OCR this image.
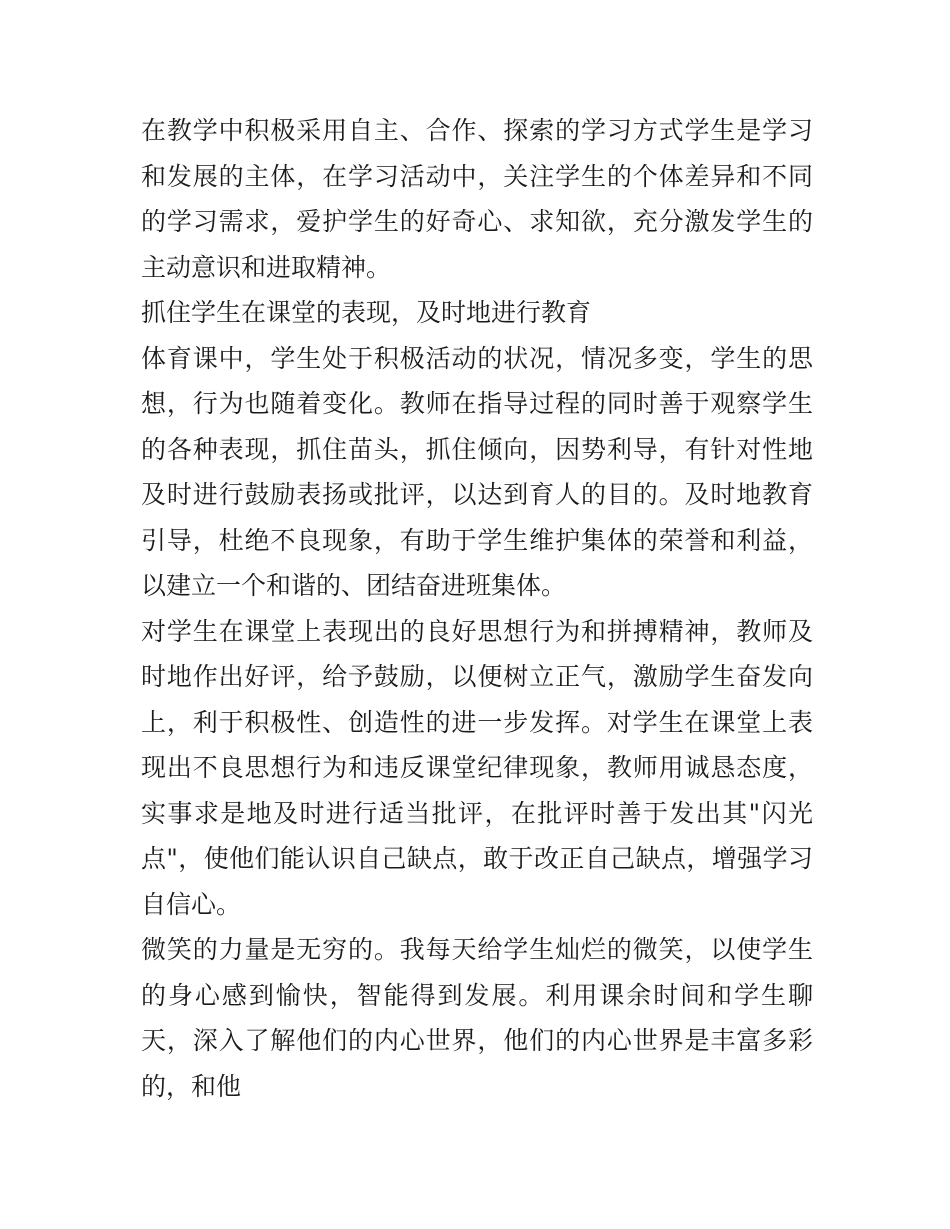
在教学中积极采用自主、合作、探索的学习方式学生是学习和发展的主体，在学习活动中，关注学生的个体差异和不同的学习需求，爱护学生的好奇心、求知欲，充分激发学生的主动意识和进取精神。

抓住学生在课堂的表现，及时地进行教育

体育课中，学生处于积极活动的状况，情况多变，学生的思想，行为也随着变化。教师在指导过程的同时善于观察学生的各种表现，抓住苗头，抓住倾向，因势利导，有针对性地及时进行鼓励表扬或批评，以达到育人的目的。及时地教育引导，杜绝不良现象，有助于学生维护集体的荣誉和利益，以建立一个和谐的、团结奋进班集体。

对学生在课堂上表现出的良好思想行为和拼搏精神，教师及时地作出好评，给予鼓励，以便树立正气，激励学生奋发向上，利于积极性、创造性的进一步发挥。对学生在课堂上表现出不良思想行为和违反课堂纪律现象，教师用诚恳态度，实事求是地及时进行适当批评，在批评时善于发出其"闪光点"，使他们能认识自己缺点，敢于改正自己缺点，增强学习自信心。

微笑的力量是无穷的。我每天给学生灿烂的微笑，以使学生的身心感到愉快，智能得到发展。利用课余时间和学生聊天，深入了解他们的内心世界，他们的内心世界是丰富多彩的，和他
